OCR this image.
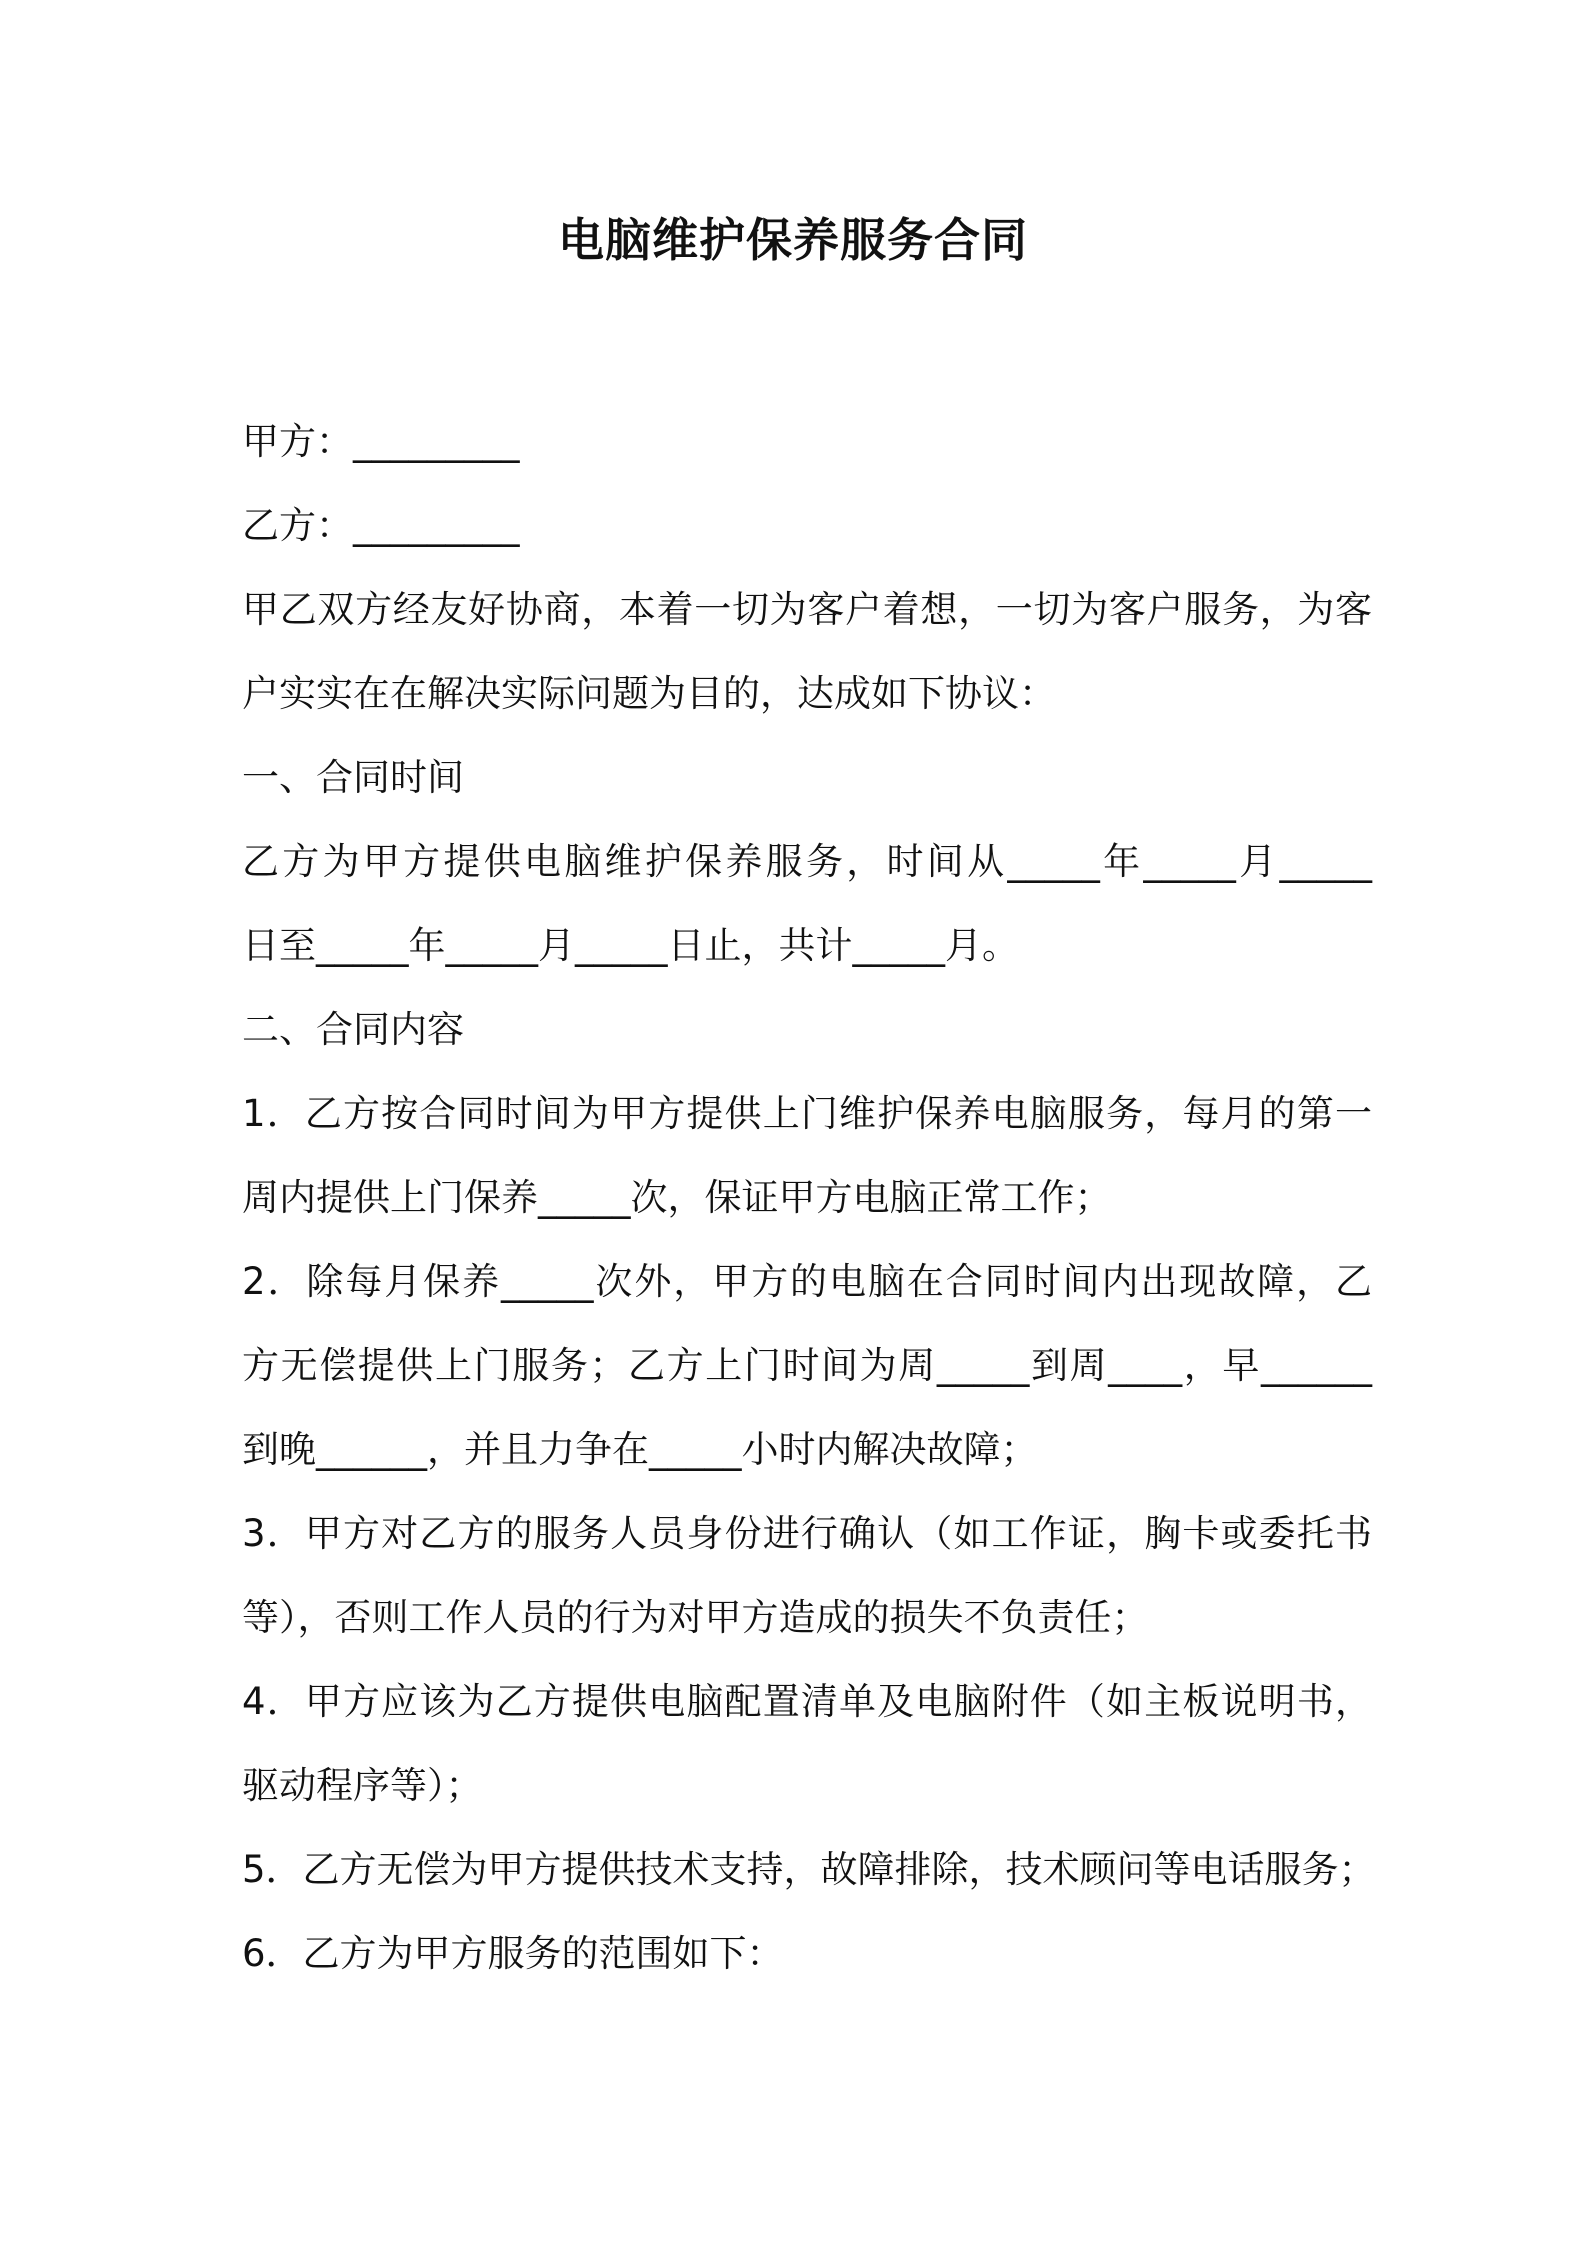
电脑维护保养服务合同
甲方：_________
乙方：_________
甲乙双方经友好协商，本着一切为客户着想，一切为客户服务，为客
户实实在在解决实际问题为目的，达成如下协议：
一、合同时间
乙方为甲方提供电脑维护保养服务，时间从_____年_____月_____
日至_____年_____月_____日止，共计_____月。
二、合同内容
1．乙方按合同时间为甲方提供上门维护保养电脑服务，每月的第一
周内提供上门保养_____次，保证甲方电脑正常工作；
2．除每月保养_____次外，甲方的电脑在合同时间内出现故障，乙
方无偿提供上门服务；乙方上门时间为周_____到周____，早______
到晚______，并且力争在_____小时内解决故障；
3．甲方对乙方的服务人员身份进行确认（如工作证，胸卡或委托书
等），否则工作人员的行为对甲方造成的损失不负责任；
4．甲方应该为乙方提供电脑配置清单及电脑附件（如主板说明书，
驱动程序等）；
5．乙方无偿为甲方提供技术支持，故障排除，技术顾问等电话服务；
6．乙方为甲方服务的范围如下：
